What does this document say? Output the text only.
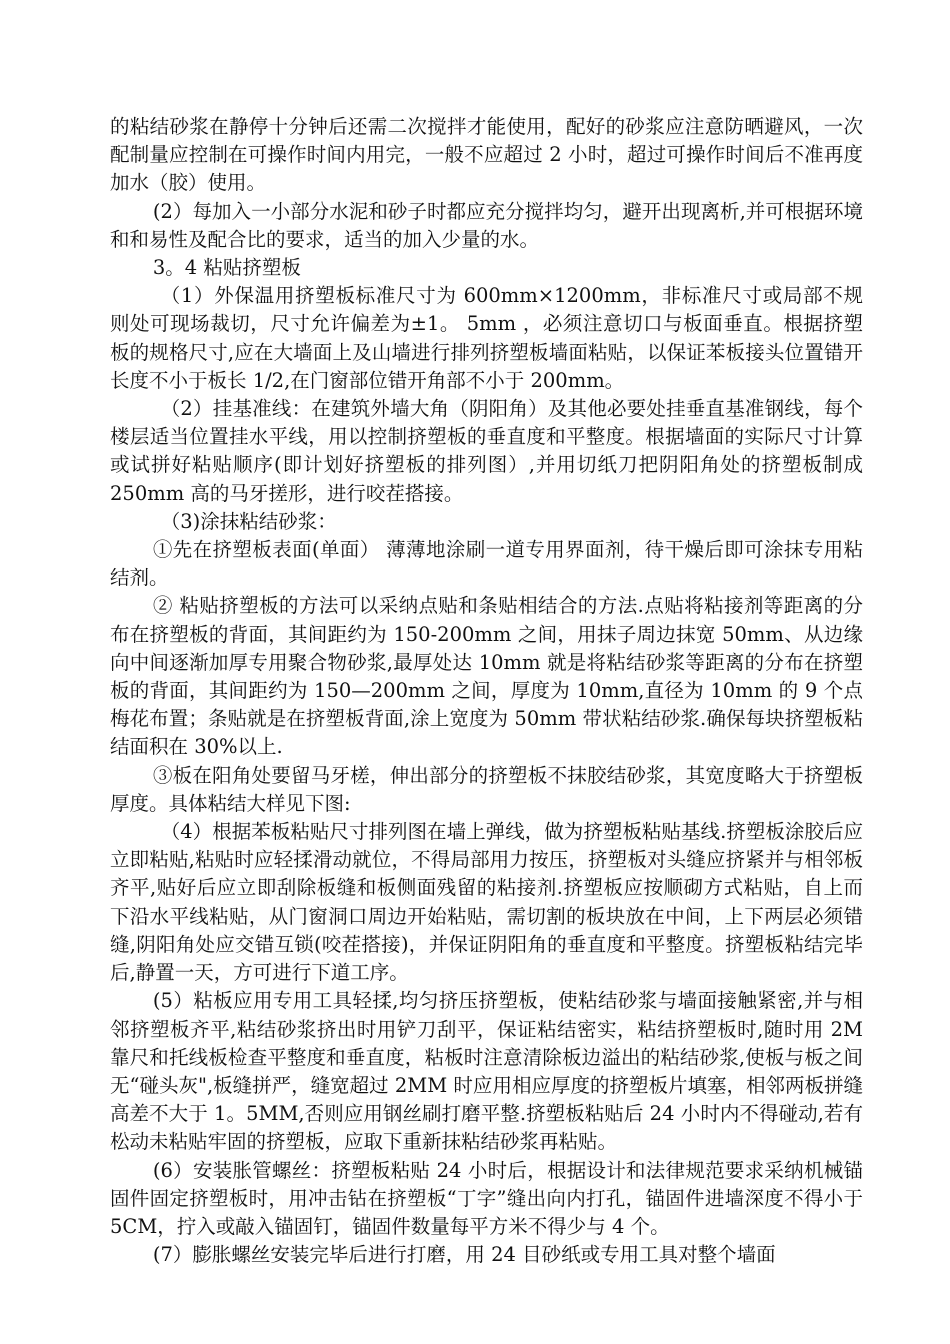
的粘结砂浆在静停十分钟后还需二次搅拌才能使用，配好的砂浆应注意防晒避风，一次配制量应控制在可操作时间内用完，一般不应超过 2 小时，超过可操作时间后不准再度加水（胶）使用。

(2）每加入一小部分水泥和砂子时都应充分搅拌均匀，避开出现离析,并可根据环境和和易性及配合比的要求，适当的加入少量的水。

3。4 粘贴挤塑板

（1）外保温用挤塑板标准尺寸为 600mm×1200mm，非标准尺寸或局部不规则处可现场裁切，尺寸允许偏差为±1。 5mm ，必须注意切口与板面垂直。根据挤塑板的规格尺寸,应在大墙面上及山墙进行排列挤塑板墙面粘贴，以保证苯板接头位置错开长度不小于板长 1/2,在门窗部位错开角部不小于 200mm。

（2）挂基准线：在建筑外墙大角（阴阳角）及其他必要处挂垂直基准钢线，每个楼层适当位置挂水平线，用以控制挤塑板的垂直度和平整度。根据墙面的实际尺寸计算或试拼好粘贴顺序(即计划好挤塑板的排列图）,并用切纸刀把阴阳角处的挤塑板制成 250mm 高的马牙搓形，进行咬茬搭接。

（3)涂抹粘结砂浆：

①先在挤塑板表面(单面） 薄薄地涂刷一道专用界面剂，待干燥后即可涂抹专用粘结剂。

② 粘贴挤塑板的方法可以采纳点贴和条贴相结合的方法.点贴将粘接剂等距离的分布在挤塑板的背面，其间距约为 150-200mm 之间，用抹子周边抹宽 50mm、从边缘向中间逐渐加厚专用聚合物砂浆,最厚处达 10mm 就是将粘结砂浆等距离的分布在挤塑板的背面，其间距约为 150—200mm 之间，厚度为 10mm,直径为 10mm 的 9 个点梅花布置；条贴就是在挤塑板背面,涂上宽度为 50mm 带状粘结砂浆.确保每块挤塑板粘结面积在 30%以上.

③板在阳角处要留马牙槎，伸出部分的挤塑板不抹胶结砂浆，其宽度略大于挤塑板厚度。具体粘结大样见下图:

（4）根据苯板粘贴尺寸排列图在墙上弹线，做为挤塑板粘贴基线.挤塑板涂胶后应立即粘贴,粘贴时应轻揉滑动就位，不得局部用力按压，挤塑板对头缝应挤紧并与相邻板齐平,贴好后应立即刮除板缝和板侧面残留的粘接剂.挤塑板应按顺砌方式粘贴，自上而下沿水平线粘贴，从门窗洞口周边开始粘贴，需切割的板块放在中间，上下两层必须错缝,阴阳角处应交错互锁(咬茬搭接)，并保证阴阳角的垂直度和平整度。挤塑板粘结完毕后,静置一天，方可进行下道工序。

(5）粘板应用专用工具轻揉,均匀挤压挤塑板，使粘结砂浆与墙面接触紧密,并与相邻挤塑板齐平,粘结砂浆挤出时用铲刀刮平，保证粘结密实，粘结挤塑板时,随时用 2M 靠尺和托线板检查平整度和垂直度，粘板时注意清除板边溢出的粘结砂浆,使板与板之间无“碰头灰",板缝拼严，缝宽超过 2MM 时应用相应厚度的挤塑板片填塞，相邻两板拼缝高差不大于 1。5MM,否则应用钢丝刷打磨平整.挤塑板粘贴后 24 小时内不得碰动,若有松动未粘贴牢固的挤塑板，应取下重新抹粘结砂浆再粘贴。

(6）安装胀管螺丝：挤塑板粘贴 24 小时后，根据设计和法律规范要求采纳机械锚固件固定挤塑板时，用冲击钻在挤塑板“丁字”缝出向内打孔，锚固件进墙深度不得小于 5CM，拧入或敲入锚固钉，锚固件数量每平方米不得少与 4 个。

(7）膨胀螺丝安装完毕后进行打磨，用 24 目砂纸或专用工具对整个墙面
